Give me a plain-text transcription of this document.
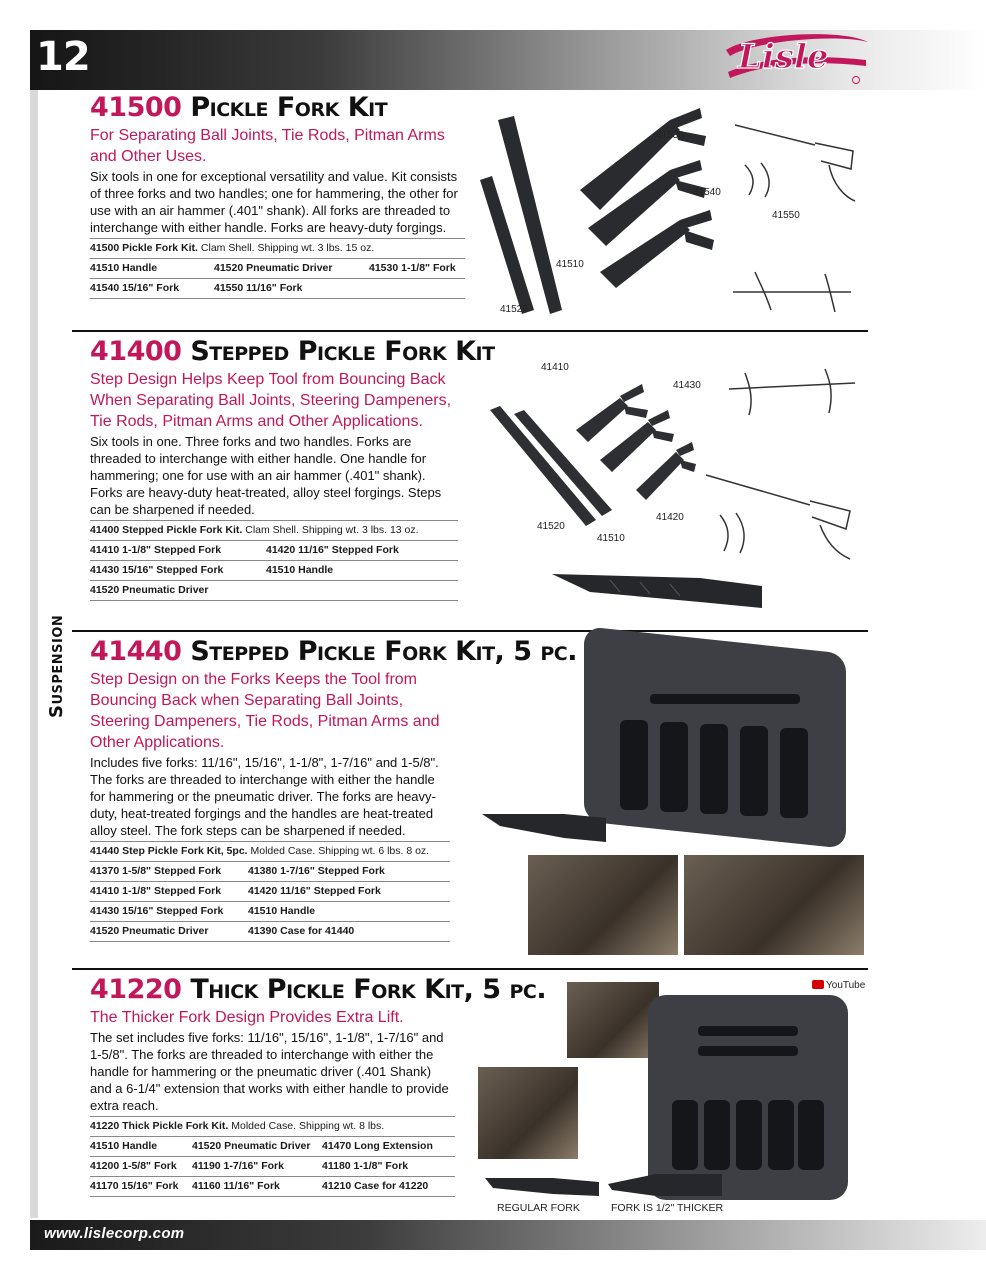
12	Lisle
Suspension
41500 Pickle Fork Kit
For Separating Ball Joints, Tie Rods, Pitman Arms and Other Uses.
Six tools in one for exceptional versatility and value. Kit consists of three forks and two handles; one for hammering, the other for use with an air hammer (.401" shank). All forks are threaded to interchange with either handle. Forks are heavy-duty forgings.
41500 Pickle Fork Kit. Clam Shell. Shipping wt. 3 lbs. 15 oz.
41510 Handle	41520 Pneumatic Driver	41530 1-1/8" Fork
41540 15/16" Fork	41550 11/16" Fork
41530
41540
41550
41510
41520
41400 Stepped Pickle Fork Kit
Step Design Helps Keep Tool from Bouncing Back When Separating Ball Joints, Steering Dampeners, Tie Rods, Pitman Arms and Other Applications.
Six tools in one. Three forks and two handles. Forks are threaded to interchange with either handle. One handle for hammering; one for use with an air hammer (.401" shank). Forks are heavy-duty heat-treated, alloy steel forgings. Steps can be sharpened if needed.
41400 Stepped Pickle Fork Kit. Clam Shell. Shipping wt. 3 lbs. 13 oz.
41410 1-1/8" Stepped Fork	41420 11/16" Stepped Fork
41430 15/16" Stepped Fork	41510 Handle
41520 Pneumatic Driver
41410
41430
41420
41520
41510
41440 Stepped Pickle Fork Kit, 5 pc.
Step Design on the Forks Keeps the Tool from Bouncing Back when Separating Ball Joints, Steering Dampeners, Tie Rods, Pitman Arms and Other Applications.
Includes five forks: 11/16", 15/16", 1-1/8", 1-7/16" and 1-5/8". The forks are threaded to interchange with either the handle for hammering or the pneumatic driver. The forks are heavy-duty, heat-treated forgings and the handles are heat-treated alloy steel. The fork steps can be sharpened if needed.
41440 Step Pickle Fork Kit, 5pc. Molded Case. Shipping wt. 6 lbs. 8 oz.
41370 1-5/8" Stepped Fork	41380 1-7/16" Stepped Fork
41410 1-1/8" Stepped Fork	41420 11/16" Stepped Fork
41430 15/16" Stepped Fork 41510 Handle
41520 Pneumatic Driver	41390 Case for 41440
41220 Thick Pickle Fork Kit, 5 pc.
The Thicker Fork Design Provides Extra Lift.
The set includes five forks: 11/16", 15/16", 1-1/8", 1-7/16" and 1-5/8". The forks are threaded to interchange with either the handle for hammering or the pneumatic driver (.401 Shank) and a 6-1/4" extension that works with either handle to provide extra reach.
41220 Thick Pickle Fork Kit. Molded Case. Shipping wt. 8 lbs.
41510 Handle	41520 Pneumatic Driver 41470 Long Extension
41200 1-5/8" Fork 41190 1-7/16" Fork	41180 1-1/8" Fork
41170 15/16" Fork 41160 11/16" Fork	41210 Case for 41220
YouTube
REGULAR FORK	FORK IS 1/2" THICKER
www.lislecorp.com
